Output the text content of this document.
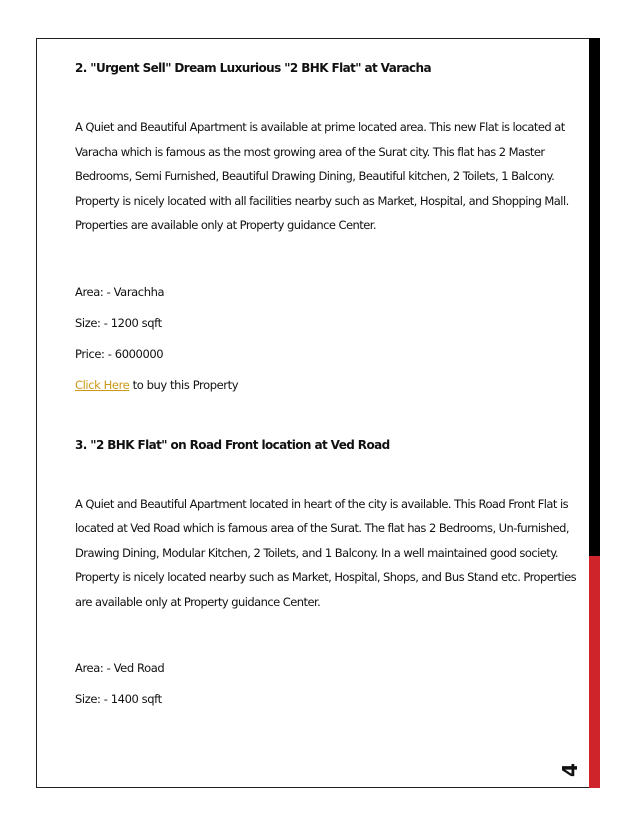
2. "Urgent Sell" Dream Luxurious "2 BHK Flat" at Varacha

A Quiet and Beautiful Apartment is available at prime located area. This new Flat is located at Varacha which is famous as the most growing area of the Surat city. This flat has 2 Master Bedrooms, Semi Furnished, Beautiful Drawing Dining, Beautiful kitchen, 2 Toilets, 1 Balcony. Property is nicely located with all facilities nearby such as Market, Hospital, and Shopping Mall. Properties are available only at Property guidance Center.

Area: - Varachha

Size: - 1200 sqft

Price: - 6000000

Click Here to buy this Property

3. "2 BHK Flat" on Road Front location at Ved Road

A Quiet and Beautiful Apartment located in heart of the city is available. This Road Front Flat is located at Ved Road which is famous area of the Surat. The flat has 2 Bedrooms, Un-furnished, Drawing Dining, Modular Kitchen, 2 Toilets, and 1 Balcony. In a well maintained good society. Property is nicely located nearby such as Market, Hospital, Shops, and Bus Stand etc. Properties are available only at Property guidance Center.

Area: - Ved Road

Size: - 1400 sqft

4
